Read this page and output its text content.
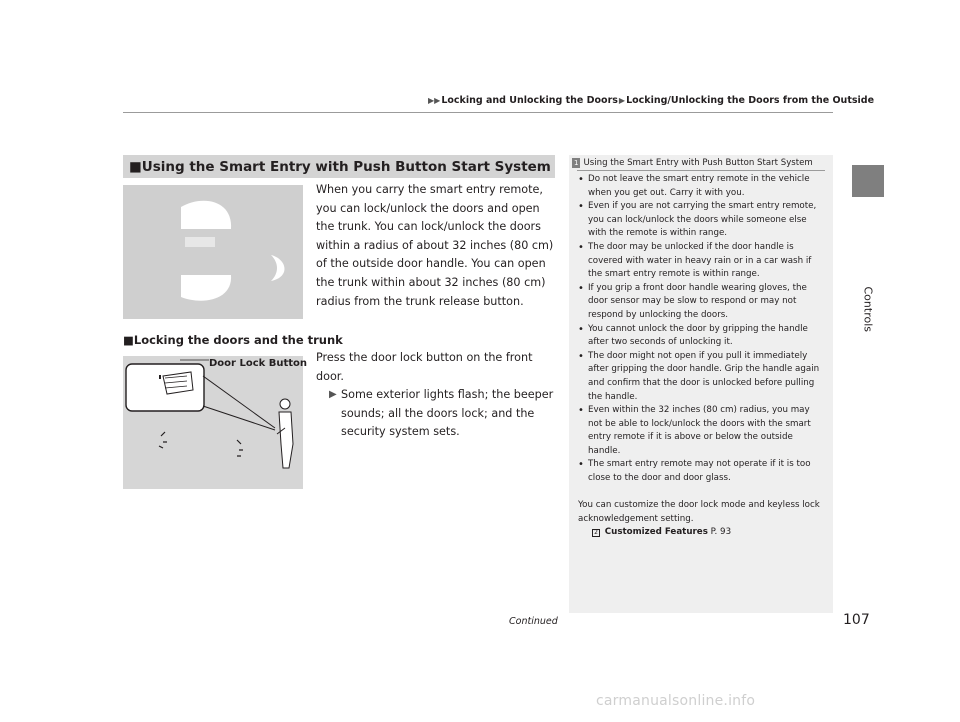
▶▶Locking and Unlocking the Doors▶Locking/Unlocking the Doors from the Outside
Controls
■Using the Smart Entry with Push Button Start System
When you carry the smart entry remote, you can lock/unlock the doors and open the trunk. You can lock/unlock the doors within a radius of about 32 inches (80 cm) of the outside door handle. You can open the trunk within about 32 inches (80 cm) radius from the trunk release button.
■Locking the doors and the trunk
Door Lock Button Press the door lock button on the front door.
▶ Some exterior lights flash; the beeper sounds; all the doors lock; and the security system sets.
1 Using the Smart Entry with Push Button Start System
• Do not leave the smart entry remote in the vehicle when you get out. Carry it with you.
• Even if you are not carrying the smart entry remote, you can lock/unlock the doors while someone else with the remote is within range.
• The door may be unlocked if the door handle is covered with water in heavy rain or in a car wash if the smart entry remote is within range.
• If you grip a front door handle wearing gloves, the door sensor may be slow to respond or may not respond by unlocking the doors.
• You cannot unlock the door by gripping the handle after two seconds of unlocking it.
• The door might not open if you pull it immediately after gripping the door handle. Grip the handle again and confirm that the door is unlocked before pulling the handle.
• Even within the 32 inches (80 cm) radius, you may not be able to lock/unlock the doors with the smart entry remote if it is above or below the outside handle.
• The smart entry remote may not operate if it is too close to the door and door glass.
You can customize the door lock mode and keyless lock acknowledgement setting.
2 Customized Features P. 93
Continued	107
carmanualsonline.info
